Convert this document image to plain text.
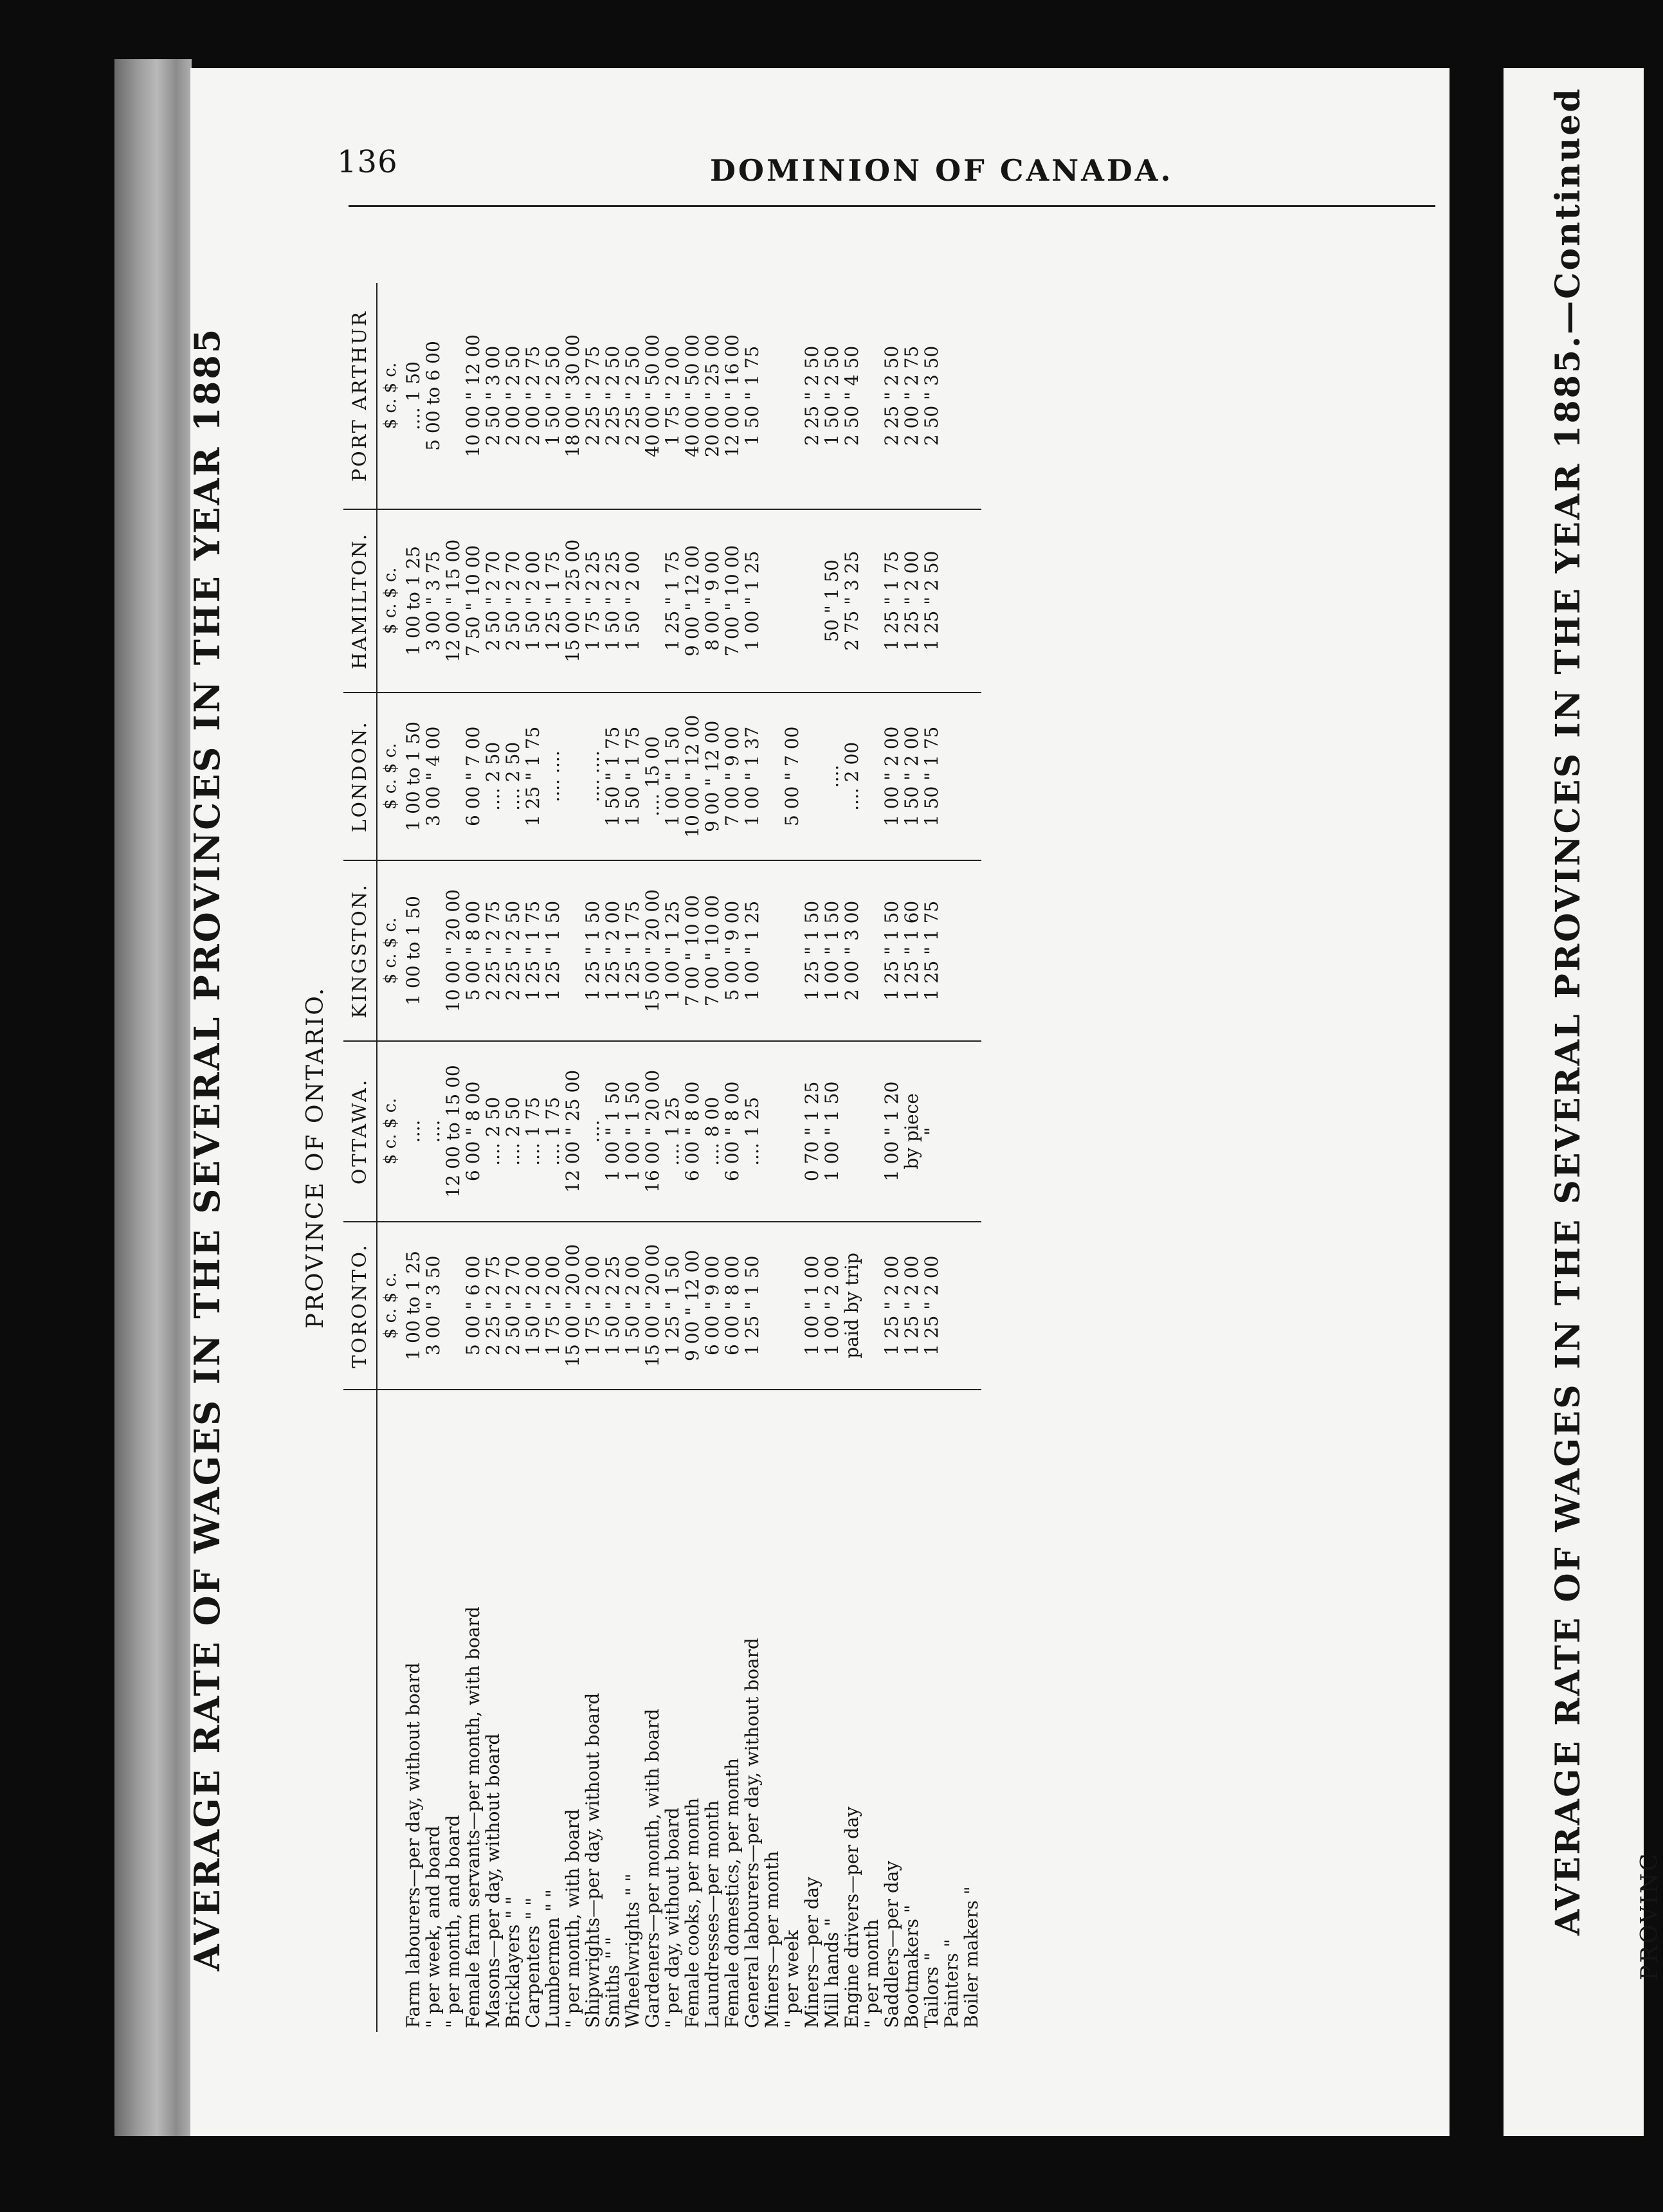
136	DOMINION OF CANADA.
AVERAGE RATE OF WAGES IN THE SEVERAL PROVINCES IN THE YEAR 1885	PROVINCE OF ONTARIO.
	TORONTO.	OTTAWA.	KINGSTON.	LONDON.	HAMILTON.	PORT ARTHUR
	$ c. $ c.	$ c. $ c.	$ c. $ c.	$ c. $ c.	$ c. $ c.	$ c. $ c.
Farm labourers—per day, without board	1 00 to 1 25	....	1 00 to 1 50	1 00 to 1 50	1 00 to 1 25	.... 1 50
" per week, and board	3 00 " 3 50	....		3 00 " 4 00	3 00 " 3 75	5 00 to 6 00
" per month, and board		12 00 to 15 00	10 00 " 20 00		12 00 " 15 00	
Female farm servants—per month, with board	5 00 " 6 00	6 00 " 8 00	5 00 " 8 00	6 00 " 7 00	7 50 " 10 00	10 00 " 12 00
Masons—per day, without board	2 25 " 2 75	.... 2 50	2 25 " 2 75	.... 2 50	2 50 " 2 70	2 50 " 3 00
Bricklayers " "	2 50 " 2 70	.... 2 50	2 25 " 2 50	.... 2 50	2 50 " 2 70	2 00 " 2 50
Carpenters " "	1 50 " 2 00	.... 1 75	1 25 " 1 75	1 25 " 1 75	1 50 " 2 00	2 00 " 2 75
Lumbermen " "	1 75 " 2 00	.... 1 75	1 25 " 1 50	.... ....	1 25 " 1 75	1 50 " 2 50
" per month, with board	15 00 " 20 00	12 00 " 25 00			15 00 " 25 00	18 00 " 30 00
Shipwrights—per day, without board	1 75 " 2 00	....	1 25 " 1 50	.... ....	1 75 " 2 25	2 25 " 2 75
Smiths " "	1 50 " 2 25	1 00 " 1 50	1 25 " 2 00	1 50 " 1 75	1 50 " 2 25	2 25 " 2 50
Wheelwrights " "	1 50 " 2 00	1 00 " 1 50	1 25 " 1 75	1 50 " 1 75	1 50 " 2 00	2 25 " 2 50
Gardeners—per month, with board	15 00 " 20 00	16 00 " 20 00	15 00 " 20 00	.... 15 00		40 00 " 50 00
" per day, without board	1 25 " 1 50	.... 1 25	1 00 " 1 25	1 00 " 1 50	1 25 " 1 75	1 75 " 2 00
Female cooks, per month	9 00 " 12 00	6 00 " 8 00	7 00 " 10 00	10 00 " 12 00	9 00 " 12 00	40 00 " 50 00
Laundresses—per month	6 00 " 9 00	.... 8 00	7 00 " 10 00	9 00 " 12 00	8 00 " 9 00	20 00 " 25 00
Female domestics, per month	6 00 " 8 00	6 00 " 8 00	5 00 " 9 00	7 00 " 9 00	7 00 " 10 00	12 00 " 16 00
General labourers—per day, without board	1 25 " 1 50	.... 1 25	1 00 " 1 25	1 00 " 1 37	1 00 " 1 25	1 50 " 1 75
Miners—per month						
" per week				5 00 " 7 00		
Miners—per day	1 00 " 1 00	0 70 " 1 25	1 25 " 1 50			2 25 " 2 50
Mill hands "	1 00 " 2 00	1 00 " 1 50	1 00 " 1 50	....	50 " 1 50	1 50 " 2 50
Engine drivers—per day	paid by trip		2 00 " 3 00	.... 2 00	2 75 " 3 25	2 50 " 4 50
" per month						
Saddlers—per day	1 25 " 2 00	1 00 " 1 20	1 25 " 1 50	1 00 " 2 00	1 25 " 1 75	2 25 " 2 50
Bootmakers "	1 25 " 2 00	by piece	1 25 " 1 60	1 50 " 2 00	1 25 " 2 00	2 00 " 2 75
Tailors "	1 25 " 2 00	"	1 25 " 1 75	1 50 " 1 75	1 25 " 2 50	2 50 " 3 50
Painters "						
Boiler makers "						
AVERAGE RATE OF WAGES IN THE SEVERAL PROVINCES IN THE YEAR 1885.—Continued PROVINC
